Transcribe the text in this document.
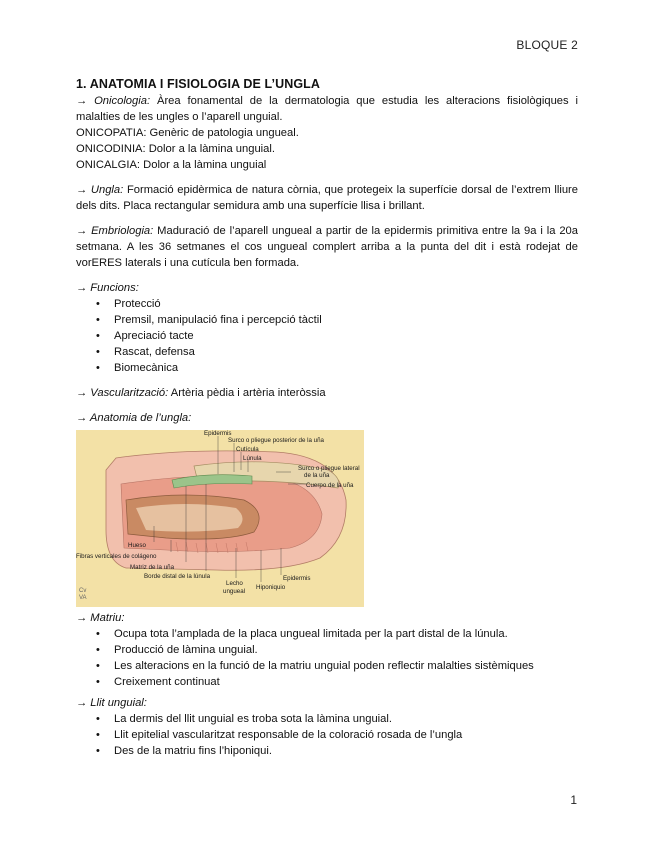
BLOQUE 2
1. ANATOMIA I FISIOLOGIA DE L’UNGLA

→ Onicologia: Àrea fonamental de la dermatologia que estudia les alteracions fisiològiques i malalties de les ungles o l’aparell unguial.

ONICOPATIA: Genèric de patologia ungueal.

ONICODINIA: Dolor a la làmina unguial.

ONICALGIA: Dolor a la làmina unguial

→ Ungla: Formació epidèrmica de natura còrnia, que protegeix la superfície dorsal de l’extrem lliure dels dits. Placa rectangular semidura amb una superfície llisa i brillant.

→ Embriologia: Maduració de l’aparell ungueal a partir de la epidermis primitiva entre la 9a i la 20a setmana. A les 36 setmanes el cos ungueal complert arriba a la punta del dit i està rodejat de vorERES laterals i una cutícula ben formada.

→ Funcions:

• Protecció
• Premsil, manipulació fina i percepció tàctil
• Apreciació tacte
• Rascat, defensa
• Biomecànica

→ Vascularització: Artèria pèdia i artèria interòssia

→ Anatomia de l’ungla:

Epidermis
Surco o pliegue posterior de la uña
Cutícula
Lúnula
Surco o pliegue lateral
de la uña
Cuerpo de la uña
Hueso
Fibras verticales de colágeno
Matriz de la uña
Borde distal de la lúnula
Lecho
ungueal
Hiponiquio
Epidermis
Cv
VA

→ Matriu:

• Ocupa tota l’amplada de la placa ungueal limitada per la part distal de la lúnula.
• Producció de làmina unguial.
• Les alteracions en la funció de la matriu unguial poden reflectir malalties sistèmiques
• Creixement continuat

→ Llit unguial:

• La dermis del llit unguial es troba sota la làmina unguial.
• Llit epitelial vascularitzat responsable de la coloració rosada de l’ungla
• Des de la matriu fins l’hiponiqui.
1
